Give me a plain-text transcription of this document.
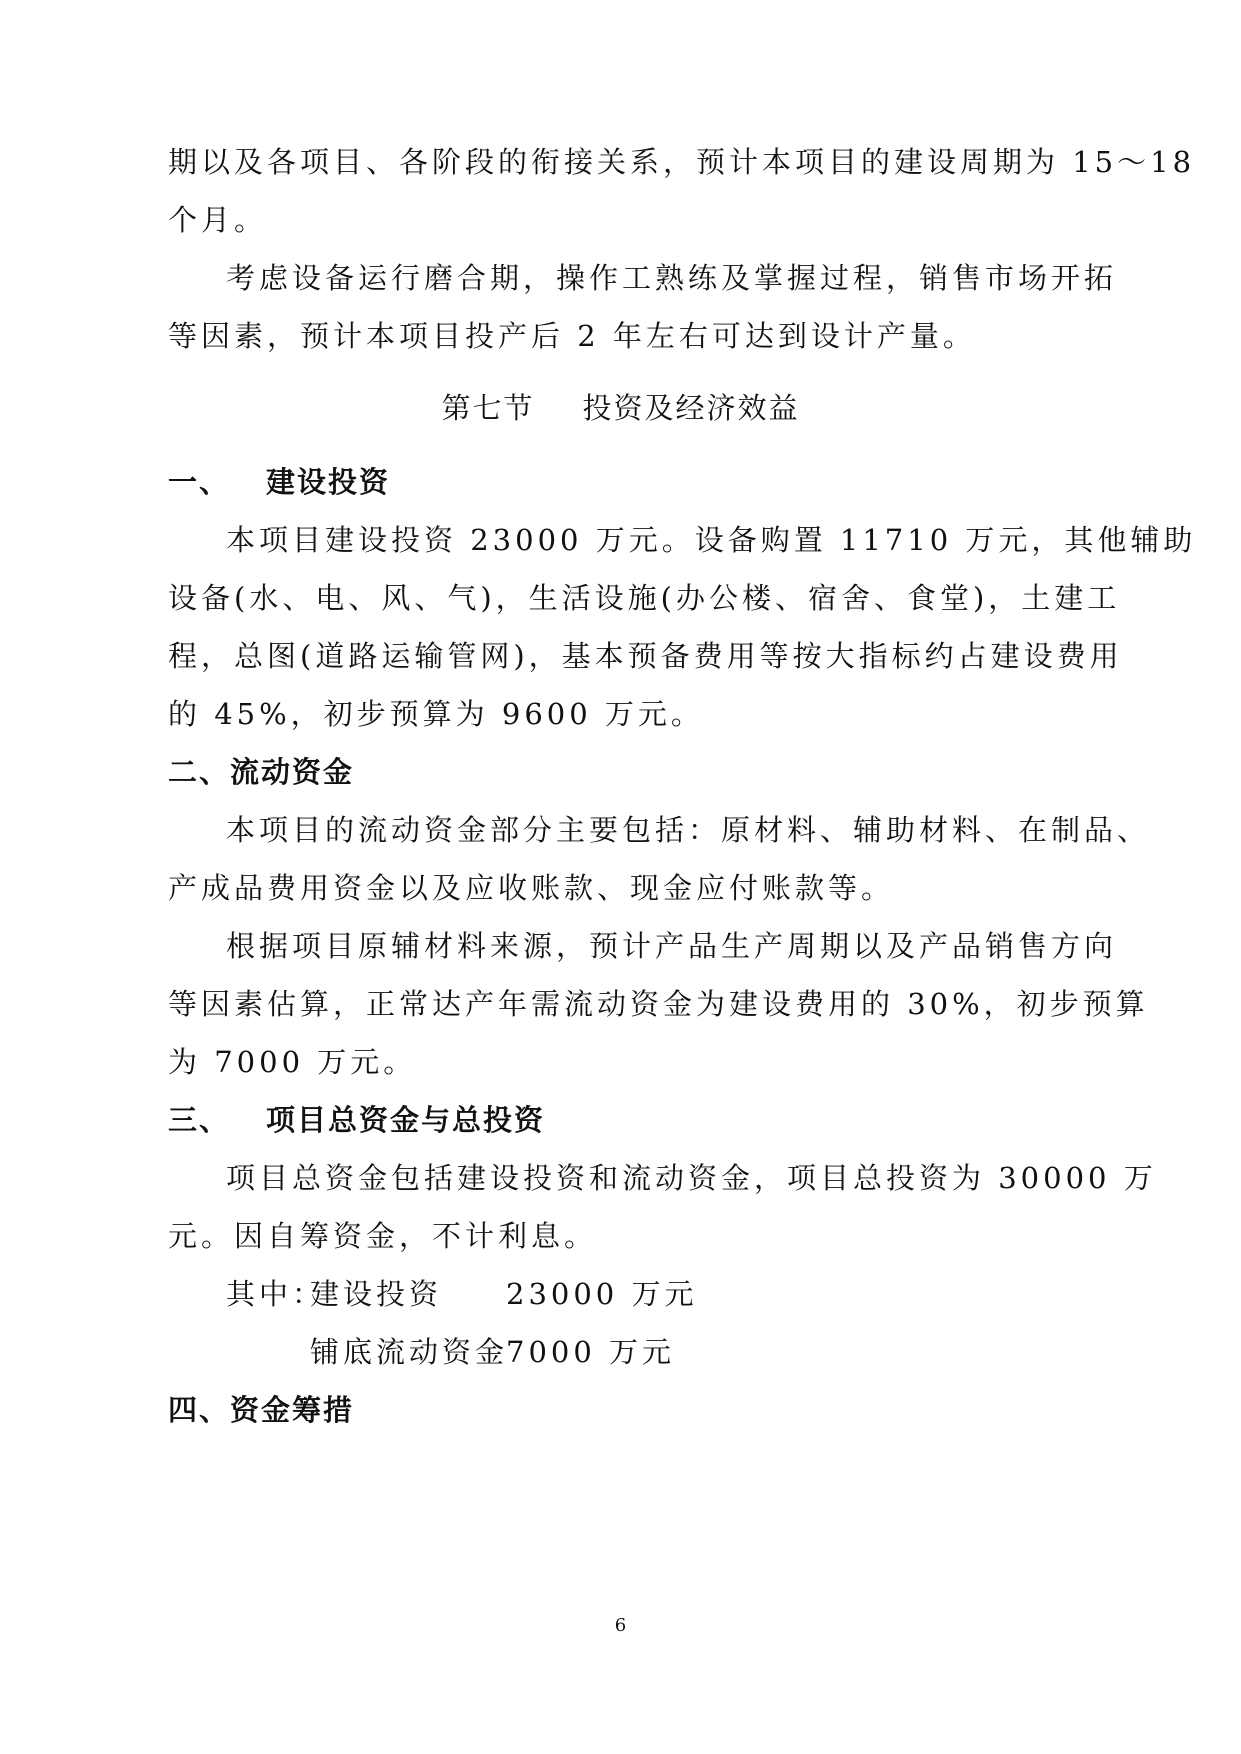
期以及各项目、各阶段的衔接关系，预计本项目的建设周期为 15～18
个月。
考虑设备运行磨合期，操作工熟练及掌握过程，销售市场开拓
等因素，预计本项目投产后 2 年左右可达到设计产量。
第七节 投资及经济效益
一、 建设投资
本项目建设投资 23000 万元。设备购置 11710 万元，其他辅助
设备(水、电、风、气)，生活设施(办公楼、宿舍、食堂)，土建工
程，总图(道路运输管网)，基本预备费用等按大指标约占建设费用
的 45%，初步预算为 9600 万元。
二、流动资金
本项目的流动资金部分主要包括：原材料、辅助材料、在制品、
产成品费用资金以及应收账款、现金应付账款等。
根据项目原辅材料来源，预计产品生产周期以及产品销售方向
等因素估算，正常达产年需流动资金为建设费用的 30%，初步预算
为 7000 万元。
三、 项目总资金与总投资
项目总资金包括建设投资和流动资金，项目总投资为 30000 万
元。因自筹资金，不计利息。
其中：
建设投资 23000 万元
铺底流动资金
7000 万元
四、资金筹措
6
